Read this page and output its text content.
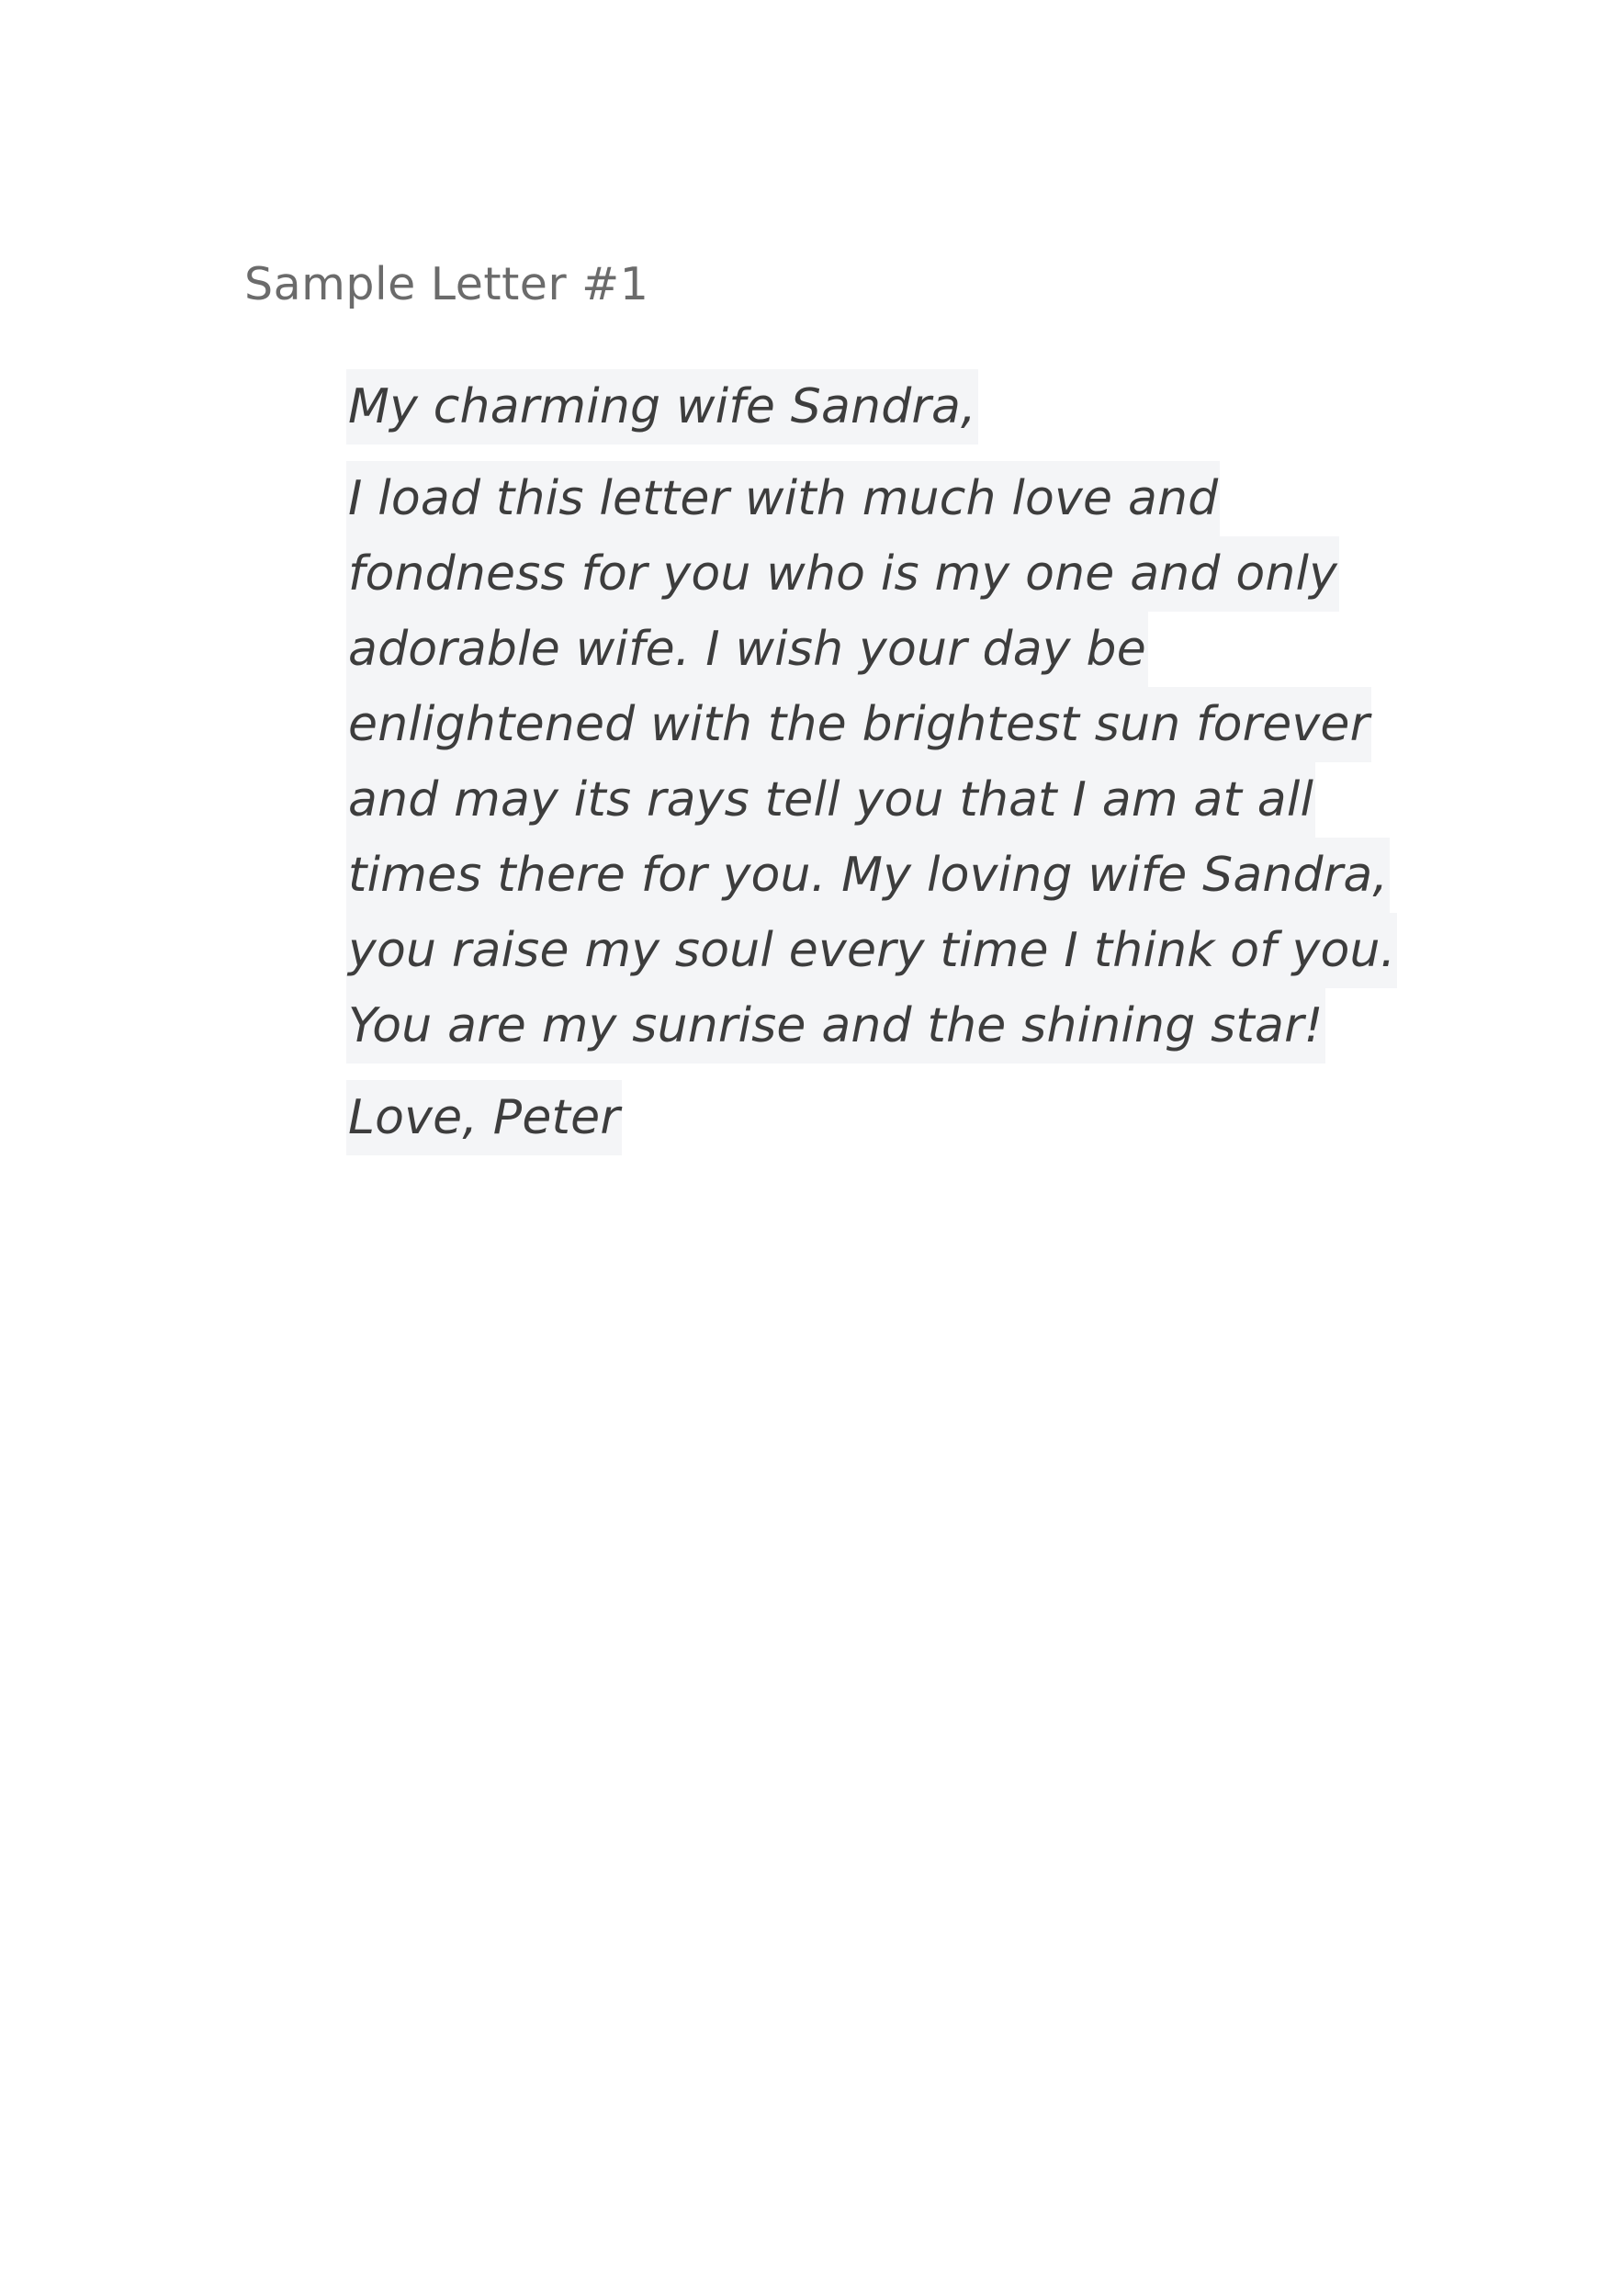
Sample Letter #1
My charming wife Sandra,
I load this letter with much love and
fondness for you who is my one and only
adorable wife. I wish your day be
enlightened with the brightest sun forever
and may its rays tell you that I am at all
times there for you. My loving wife Sandra,
you raise my soul every time I think of you.
You are my sunrise and the shining star!
Love, Peter
